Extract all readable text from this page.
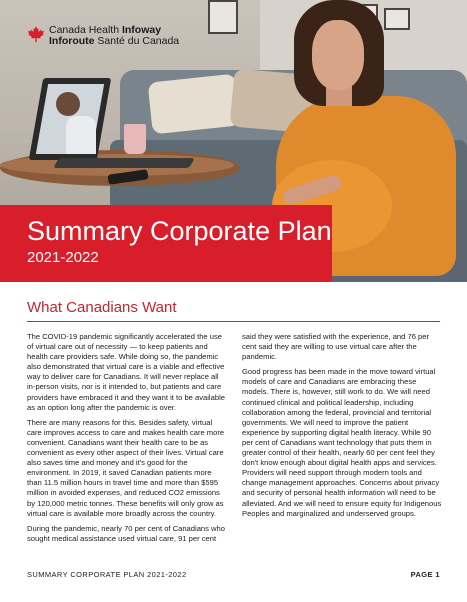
Canada Health Infoway
Inforoute Santé du Canada
Summary Corporate Plan
2021-2022
What Canadians Want

The COVID-19 pandemic significantly accelerated the use of virtual care out of necessity — to keep patients and health care providers safe. While doing so, the pandemic also demonstrated that virtual care is a viable and effective way to deliver care for Canadians. It will never replace all in-person visits, nor is it intended to, but patients and care providers have embraced it and they want it to be available as an option long after the pandemic is over.

There are many reasons for this. Besides safety, virtual care improves access to care and makes health care more convenient. Canadians want their health care to be as convenient as every other aspect of their lives. Virtual care also saves time and money and it's good for the environment. In 2019, it saved Canadian patients more than 11.5 million hours in travel time and more than $595 million in avoided expenses, and reduced CO2 emissions by 120,000 metric tonnes. These benefits will only grow as virtual care is available more broadly across the country.

During the pandemic, nearly 70 per cent of Canadians who sought medical assistance used virtual care, 91 per cent

said they were satisfied with the experience, and 76 per cent said they are willing to use virtual care after the pandemic.

Good progress has been made in the move toward virtual models of care and Canadians are embracing these models. There is, however, still work to do. We will need continued clinical and political leadership, including collaboration among the federal, provincial and territorial governments. We will need to improve the patient experience by supporting digital health literacy. While 90 per cent of Canadians want technology that puts them in greater control of their health, nearly 60 per cent feel they don't know enough about digital health apps and services. Providers will need support through modern tools and change management approaches. Concerns about privacy and security of personal health information will need to be alleviated. And we will need to ensure equity for Indigenous Peoples and marginalized and underserved groups.

SUMMARY CORPORATE PLAN 2021-2022	PAGE 1
